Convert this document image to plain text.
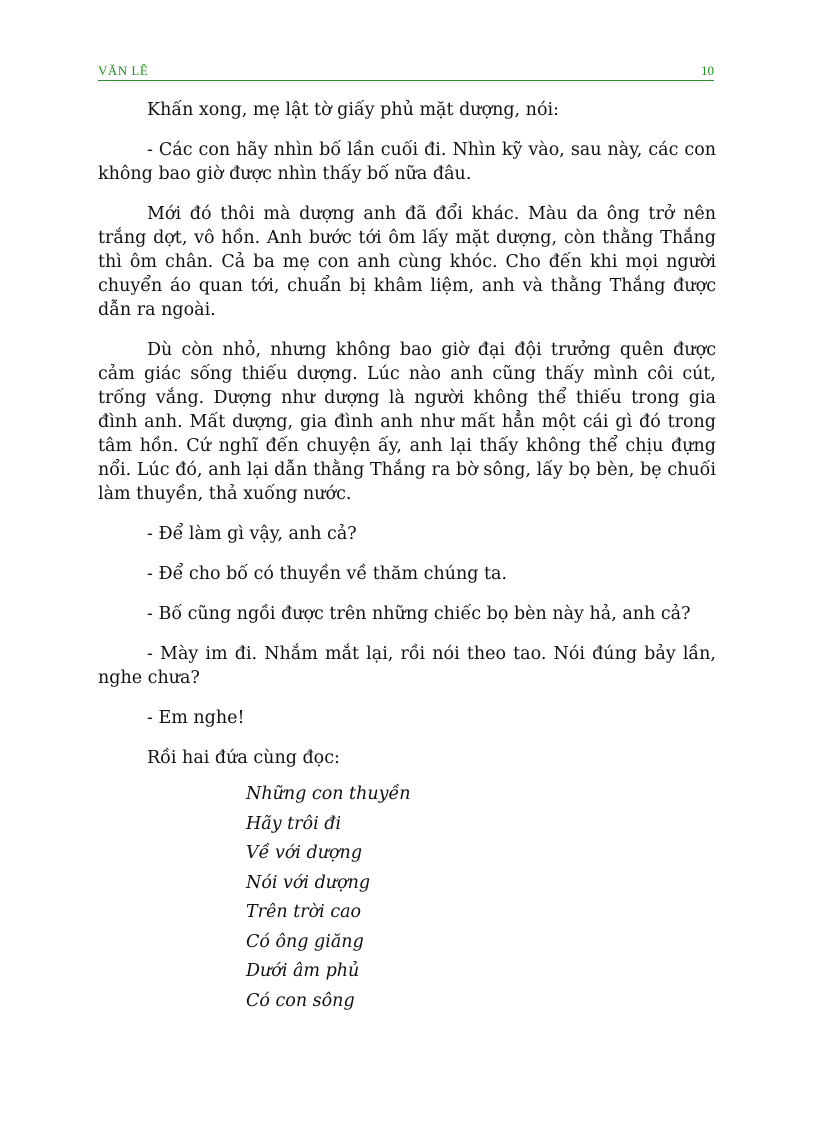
VĂN LÊ	10

Khấn xong, mẹ lật tờ giấy phủ mặt dượng, nói:

- Các con hãy nhìn bố lần cuối đi. Nhìn kỹ vào, sau này, các con không bao giờ được nhìn thấy bố nữa đâu.

Mới đó thôi mà dượng anh đã đổi khác. Màu da ông trở nên trắng dợt, vô hồn. Anh bước tới ôm lấy mặt dượng, còn thằng Thắng thì ôm chân. Cả ba mẹ con anh cùng khóc. Cho đến khi mọi người chuyển áo quan tới, chuẩn bị khâm liệm, anh và thằng Thắng được dẫn ra ngoài.

Dù còn nhỏ, nhưng không bao giờ đại đội trưởng quên được cảm giác sống thiếu dượng. Lúc nào anh cũng thấy mình côi cút, trống vắng. Dượng như dượng là người không thể thiếu trong gia đình anh. Mất dượng, gia đình anh như mất hẳn một cái gì đó trong tâm hồn. Cứ nghĩ đến chuyện ấy, anh lại thấy không thể chịu đựng nổi. Lúc đó, anh lại dẫn thằng Thắng ra bờ sông, lấy bọ bèn, bẹ chuối làm thuyền, thả xuống nước.

- Để làm gì vậy, anh cả?

- Để cho bố có thuyền về thăm chúng ta.

- Bố cũng ngồi được trên những chiếc bọ bèn này hả, anh cả?

- Mày im đi. Nhắm mắt lại, rồi nói theo tao. Nói đúng bảy lần, nghe chưa?

- Em nghe!

Rồi hai đứa cùng đọc:

Những con thuyền
Hãy trôi đi
Về với dượng
Nói với dượng
Trên trời cao
Có ông giăng
Dưới âm phủ
Có con sông
